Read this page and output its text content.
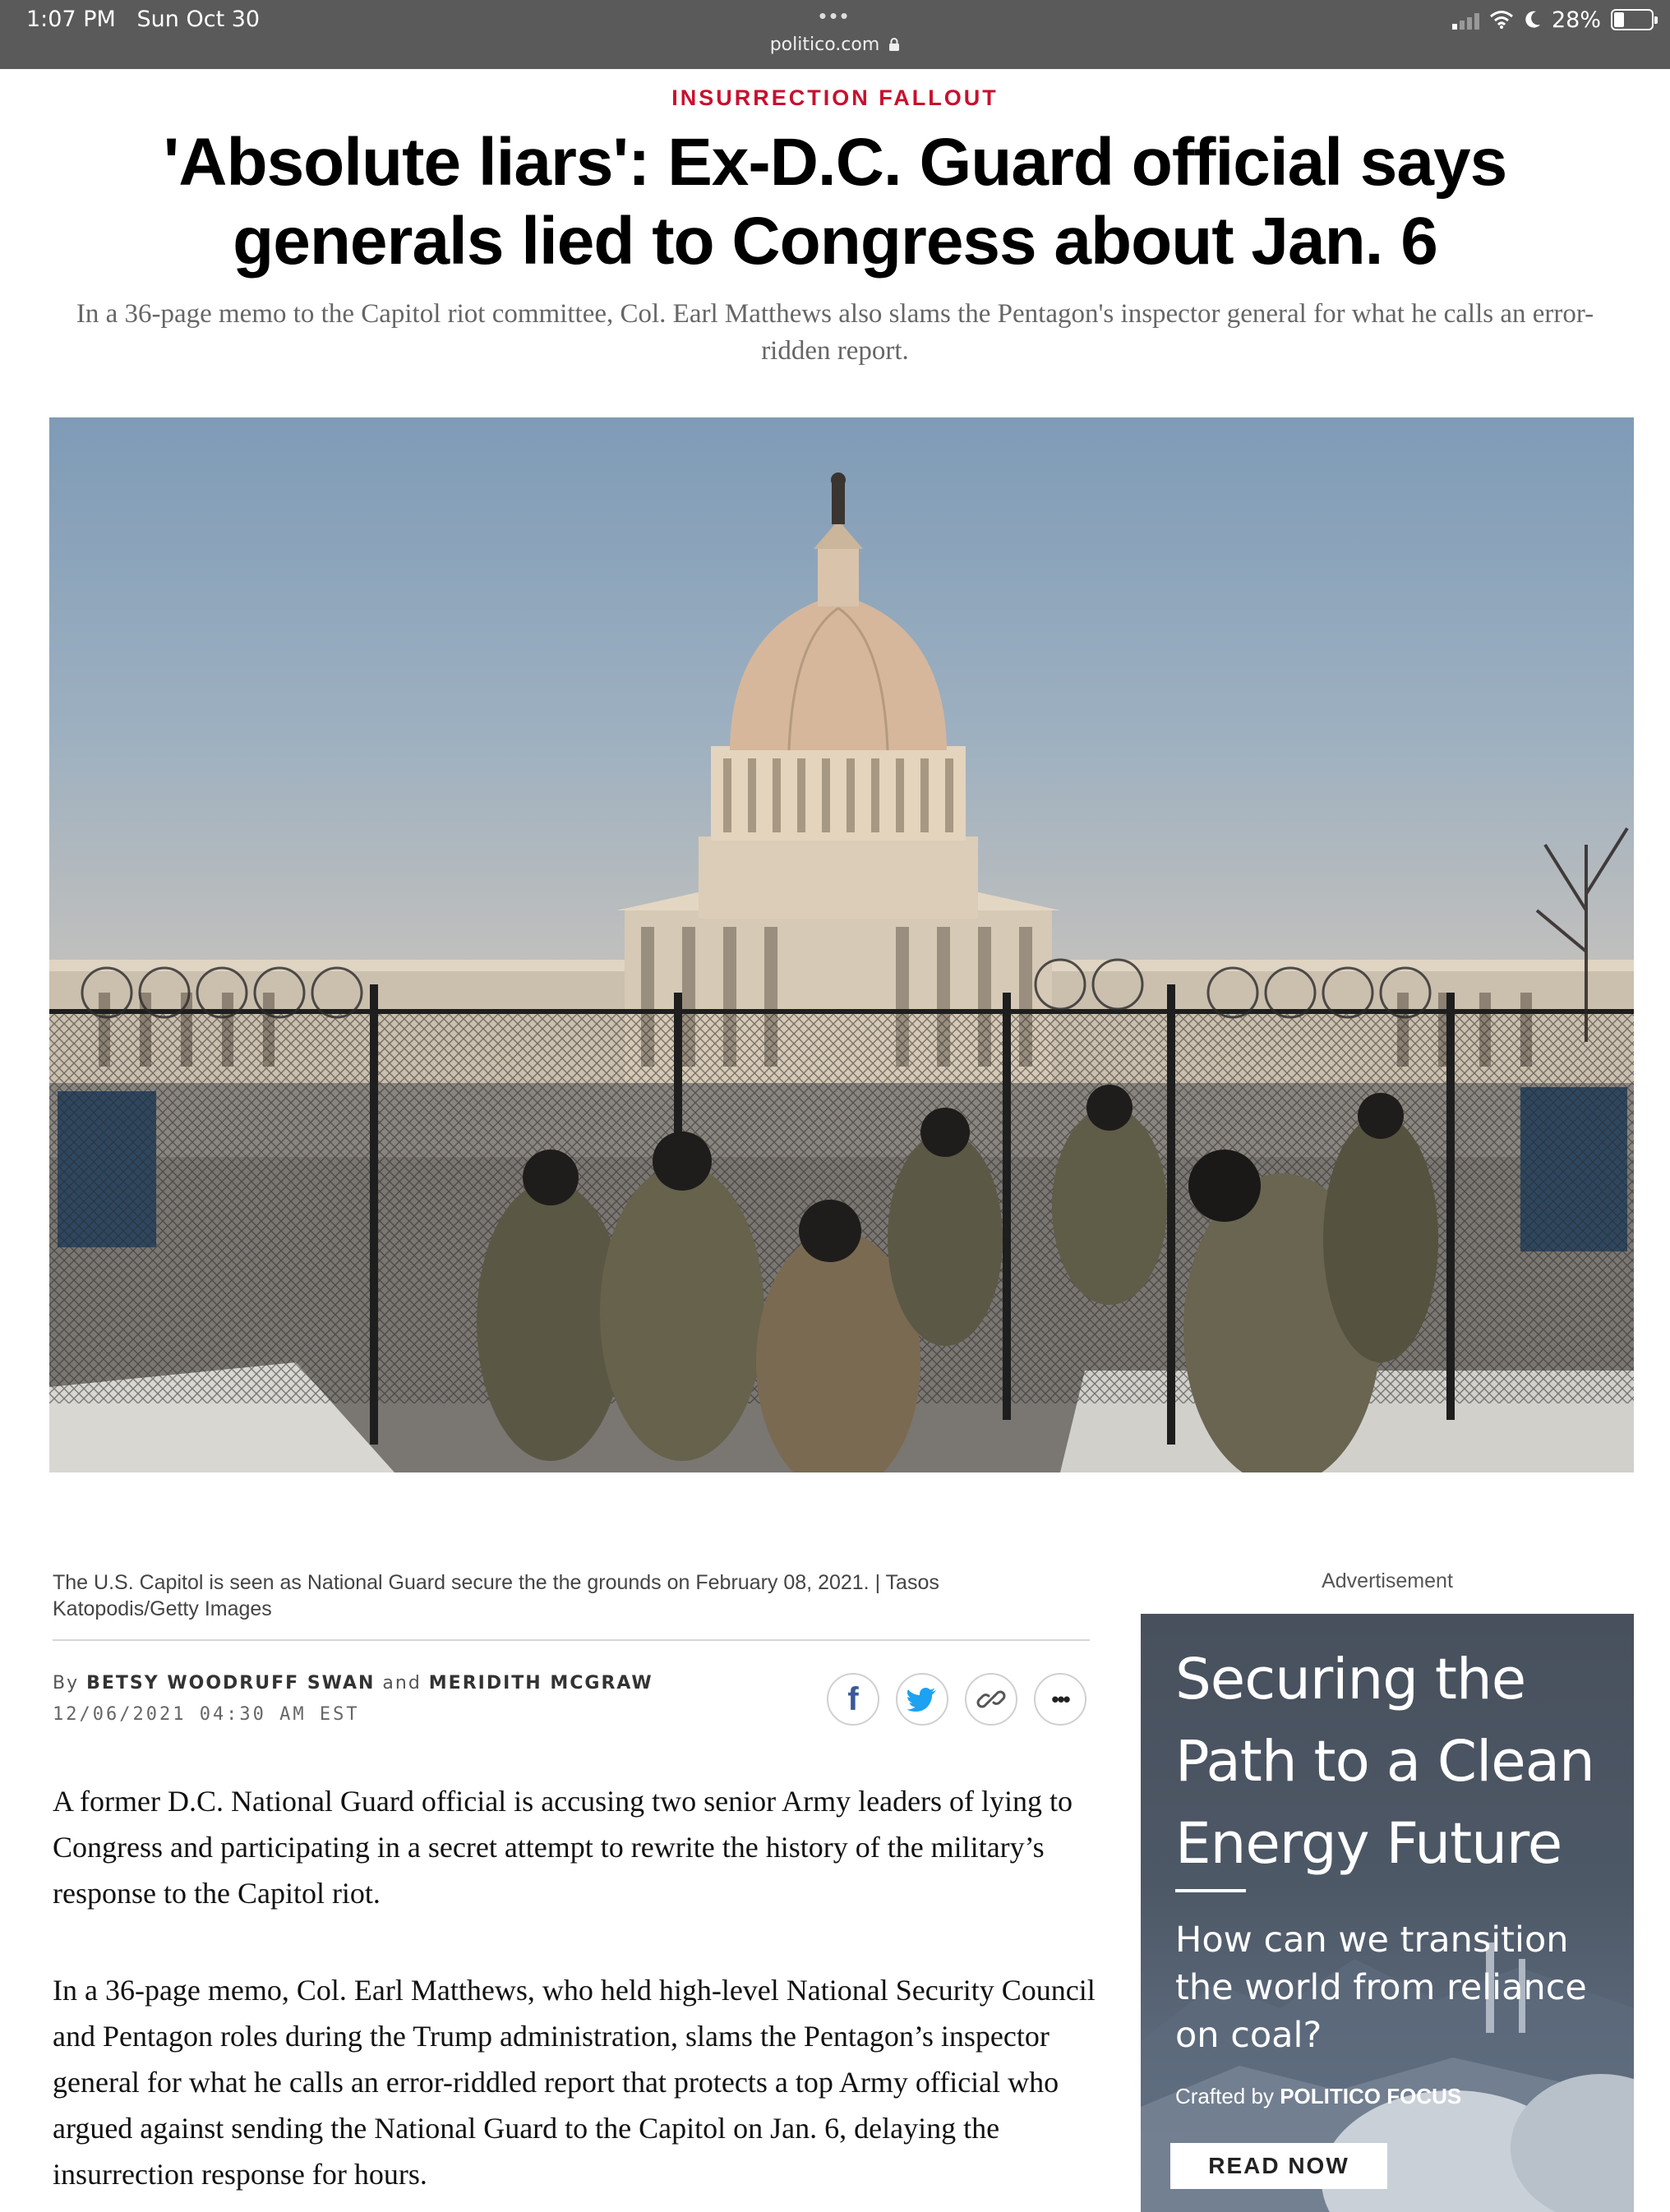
1:07 PM Sun Oct 30	•••
politico.com
28%
INSURRECTION FALLOUT
'Absolute liars': Ex-D.C. Guard official says generals lied to Congress about Jan. 6

In a 36-page memo to the Capitol riot committee, Col. Earl Matthews also slams the Pentagon's inspector general for what he calls an error-ridden report.

The U.S. Capitol is seen as National Guard secure the the grounds on February 08, 2021. | Tasos Katopodis/Getty Images

By BETSY WOODRUFF SWAN and MERIDITH MCGRAW
12/06/2021 04:30 AM EST	f	•••

A former D.C. National Guard official is accusing two senior Army leaders of lying to Congress and participating in a secret attempt to rewrite the history of the military’s response to the Capitol riot.

In a 36-page memo, Col. Earl Matthews, who held high-level National Security Council and Pentagon roles during the Trump administration, slams the Pentagon’s inspector general for what he calls an error-riddled report that protects a top Army official who argued against sending the National Guard to the Capitol on Jan. 6, delaying the insurrection response for hours.

Advertisement
Securing the Path to a Clean Energy Future
How can we transition the world from reliance on coal?
Crafted by POLITICO FOCUS
READ NOW
